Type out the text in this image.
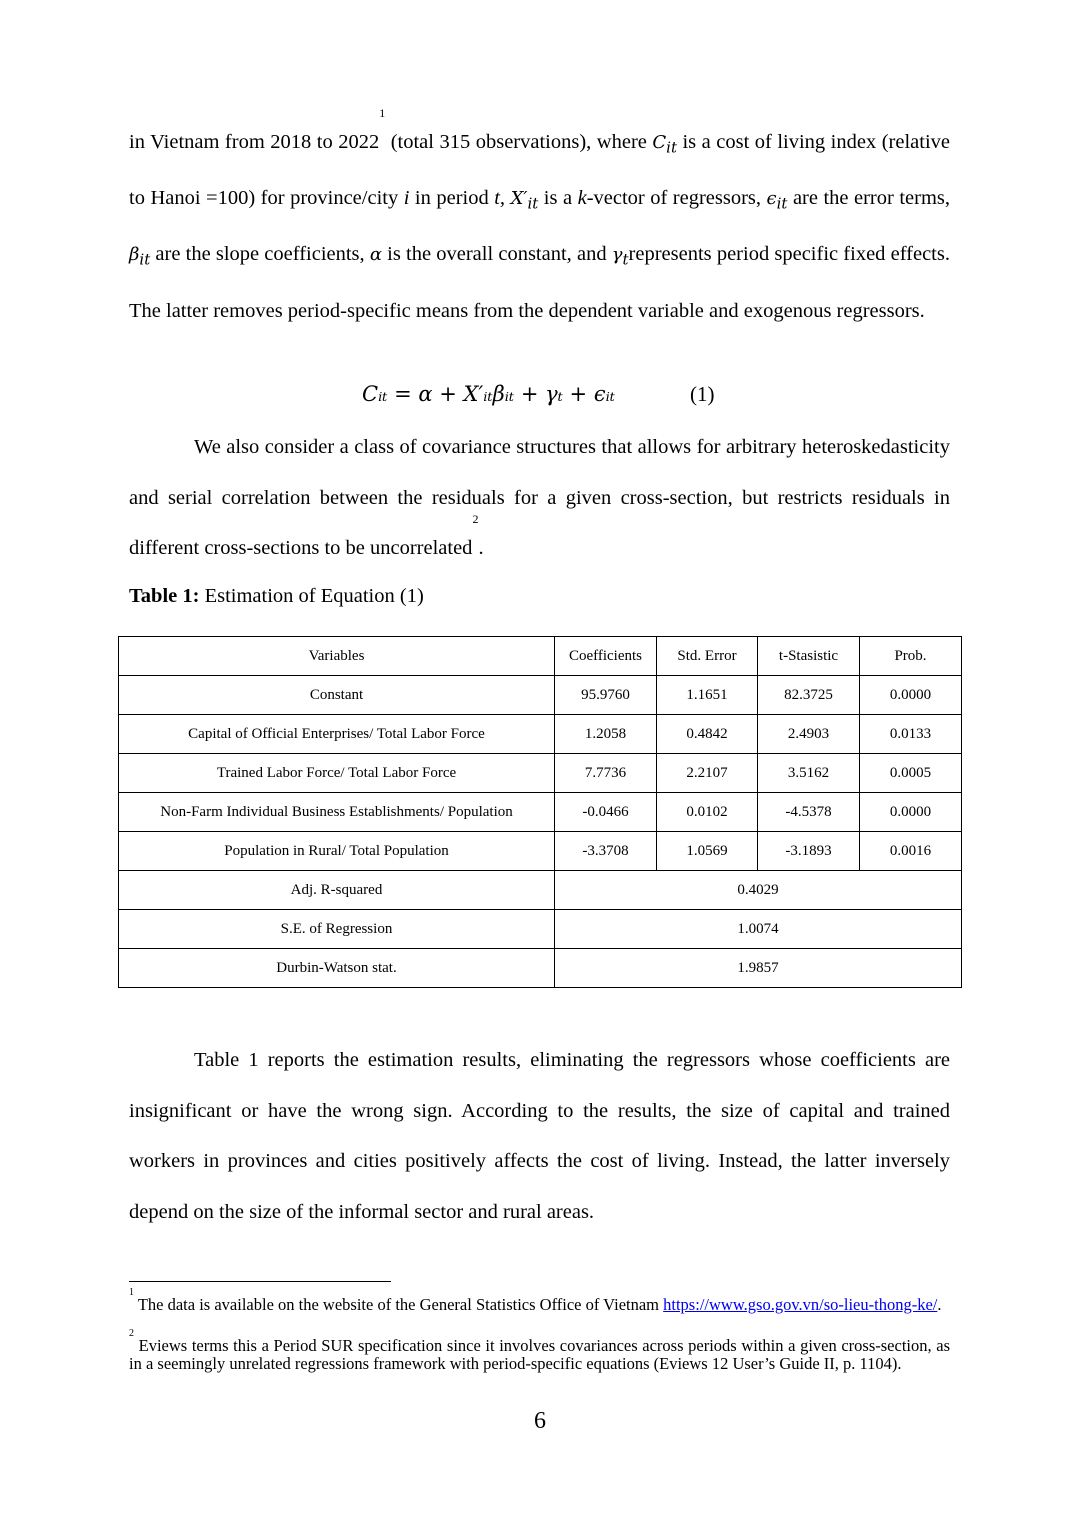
in Vietnam from 2018 to 2022$^1$ (total 315 observations), where $C_{it}$ is a cost of living index (relative to Hanoi =100) for province/city i in period t, $X'_{it}$ is a k-vector of regressors, $\epsilon_{it}$ are the error terms, $\beta_{it}$ are the slope coefficients, α is the overall constant, and $\gamma_trepresents$ period specific fixed effects. The latter removes period-specific means from the dependent variable and exogenous regressors.
Cᵢₜ = α + X′ᵢₜβᵢₜ + γₜ + ϵᵢₜ	(1)
We also consider a class of covariance structures that allows for arbitrary heteroskedasticity and serial correlation between the residuals for a given cross-section, but restricts residuals in different cross-sections to be uncorrelated$^2$.
Table 1: Estimation of Equation (1)
Variables	Coefficients	Std. Error	t-Stasistic	Prob.
Constant	95.9760	1.1651	82.3725	0.0000
Capital of Official Enterprises/ Total Labor Force	1.2058	0.4842	2.4903	0.0133
Trained Labor Force/ Total Labor Force	7.7736	2.2107	3.5162	0.0005
Non-Farm Individual Business Establishments/ Population	-0.0466	0.0102	-4.5378	0.0000
Population in Rural/ Total Population	-3.3708	1.0569	-3.1893	0.0016
Adj. R-squared	0.4029			
S.E. of Regression	1.0074			
Durbin-Watson stat.	1.9857			
Table 1 reports the estimation results, eliminating the regressors whose coefficients are insignificant or have the wrong sign. According to the results, the size of capital and trained workers in provinces and cities positively affects the cost of living. Instead, the latter inversely depend on the size of the informal sector and rural areas.
$^1$ The data is available on the website of the General Statistics Office of Vietnam https://www.gso.gov.vn/so-lieu-thong-ke/.
$^2$ Eviews terms this a Period SUR specification since it involves covariances across periods within a given cross-section, as in a seemingly unrelated regressions framework with period-specific equations (Eviews 12 User’s Guide II, p. 1104).
6
